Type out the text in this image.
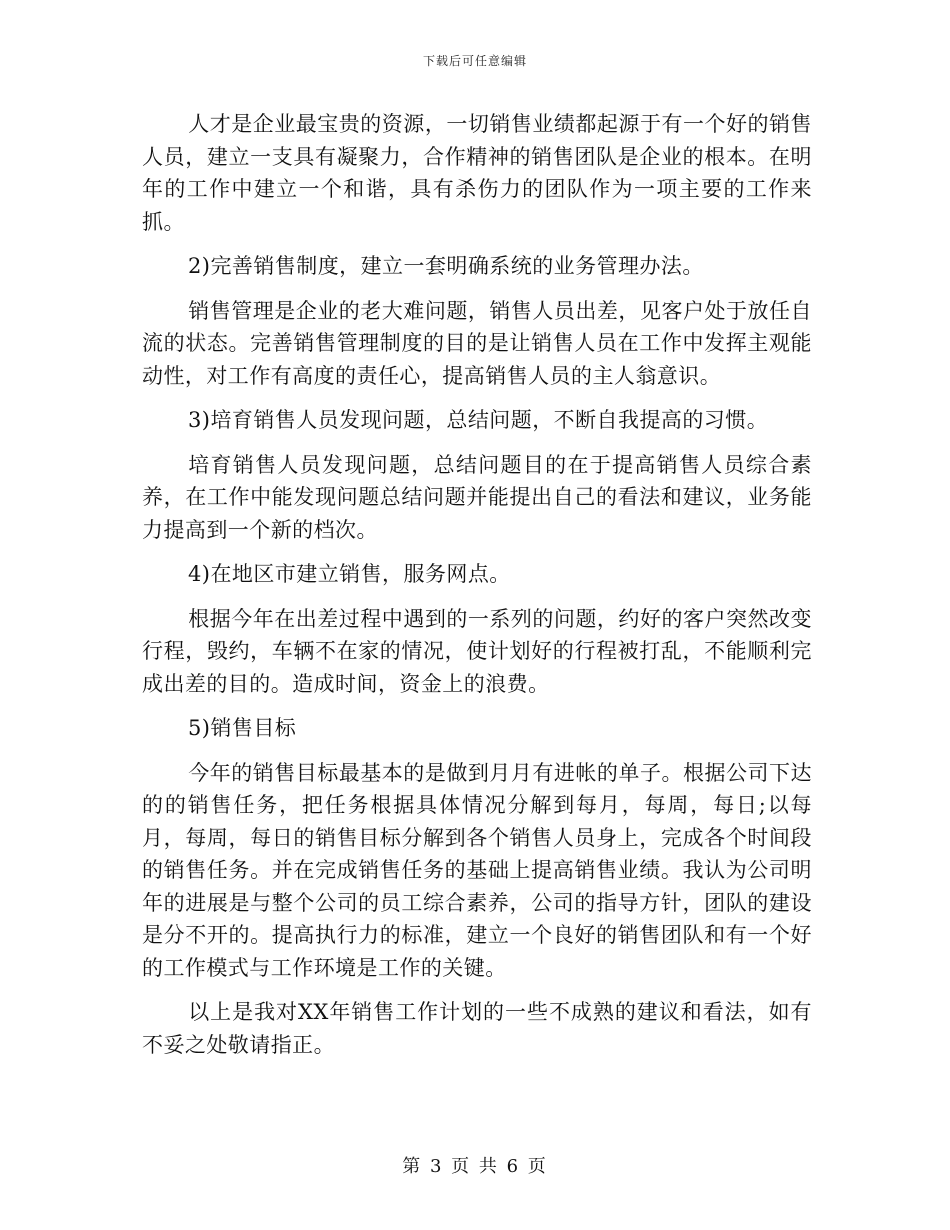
下载后可任意编辑

人才是企业最宝贵的资源，一切销售业绩都起源于有一个好的销售人员，建立一支具有凝聚力，合作精神的销售团队是企业的根本。在明年的工作中建立一个和谐，具有杀伤力的团队作为一项主要的工作来抓。

2)完善销售制度，建立一套明确系统的业务管理办法。

销售管理是企业的老大难问题，销售人员出差，见客户处于放任自流的状态。完善销售管理制度的目的是让销售人员在工作中发挥主观能动性，对工作有高度的责任心，提高销售人员的主人翁意识。

3)培育销售人员发现问题，总结问题，不断自我提高的习惯。

培育销售人员发现问题，总结问题目的在于提高销售人员综合素养，在工作中能发现问题总结问题并能提出自己的看法和建议，业务能力提高到一个新的档次。

4)在地区市建立销售，服务网点。

根据今年在出差过程中遇到的一系列的问题，约好的客户突然改变行程，毁约，车辆不在家的情况，使计划好的行程被打乱，不能顺利完成出差的目的。造成时间，资金上的浪费。

5)销售目标

今年的销售目标最基本的是做到月月有进帐的单子。根据公司下达的的销售任务，把任务根据具体情况分解到每月，每周，每日;以每月，每周，每日的销售目标分解到各个销售人员身上，完成各个时间段的销售任务。并在完成销售任务的基础上提高销售业绩。我认为公司明年的进展是与整个公司的员工综合素养，公司的指导方针，团队的建设是分不开的。提高执行力的标准，建立一个良好的销售团队和有一个好的工作模式与工作环境是工作的关键。

以上是我对XX年销售工作计划的一些不成熟的建议和看法，如有不妥之处敬请指正。

第 3 页 共 6 页
